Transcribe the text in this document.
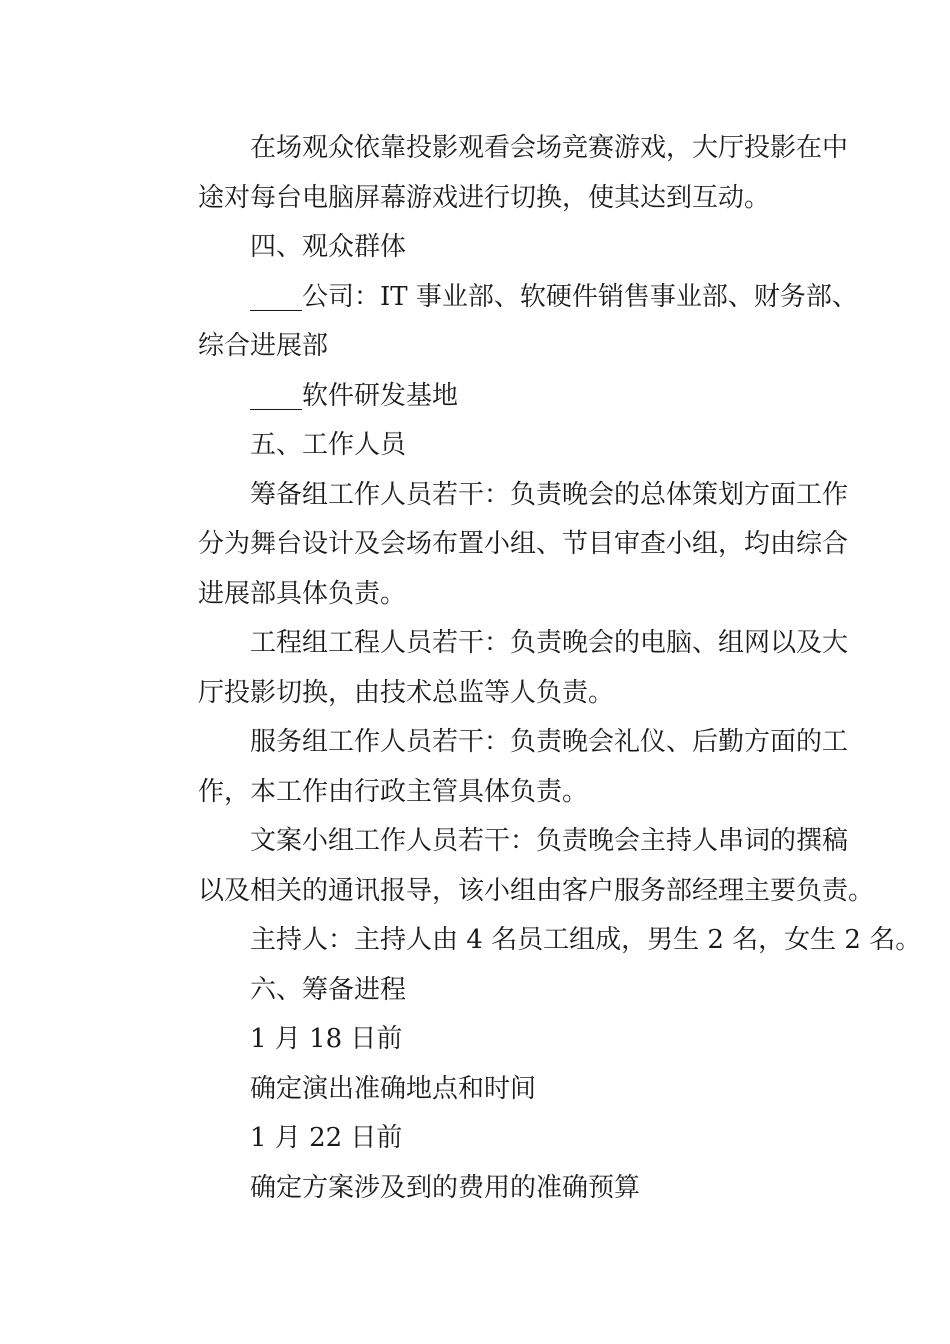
在场观众依靠投影观看会场竞赛游戏，大厅投影在中
途对每台电脑屏幕游戏进行切换，使其达到互动。
四、观众群体
____公司：IT 事业部、软硬件销售事业部、财务部、
综合进展部
____软件研发基地
五、工作人员
筹备组工作人员若干：负责晚会的总体策划方面工作
分为舞台设计及会场布置小组、节目审查小组，均由综合
进展部具体负责。
工程组工程人员若干：负责晚会的电脑、组网以及大
厅投影切换，由技术总监等人负责。
服务组工作人员若干：负责晚会礼仪、后勤方面的工
作，本工作由行政主管具体负责。
文案小组工作人员若干：负责晚会主持人串词的撰稿
以及相关的通讯报导，该小组由客户服务部经理主要负责。
主持人：主持人由 4 名员工组成，男生 2 名，女生 2 名。
六、筹备进程
1 月 18 日前
确定演出准确地点和时间
1 月 22 日前
确定方案涉及到的费用的准确预算
